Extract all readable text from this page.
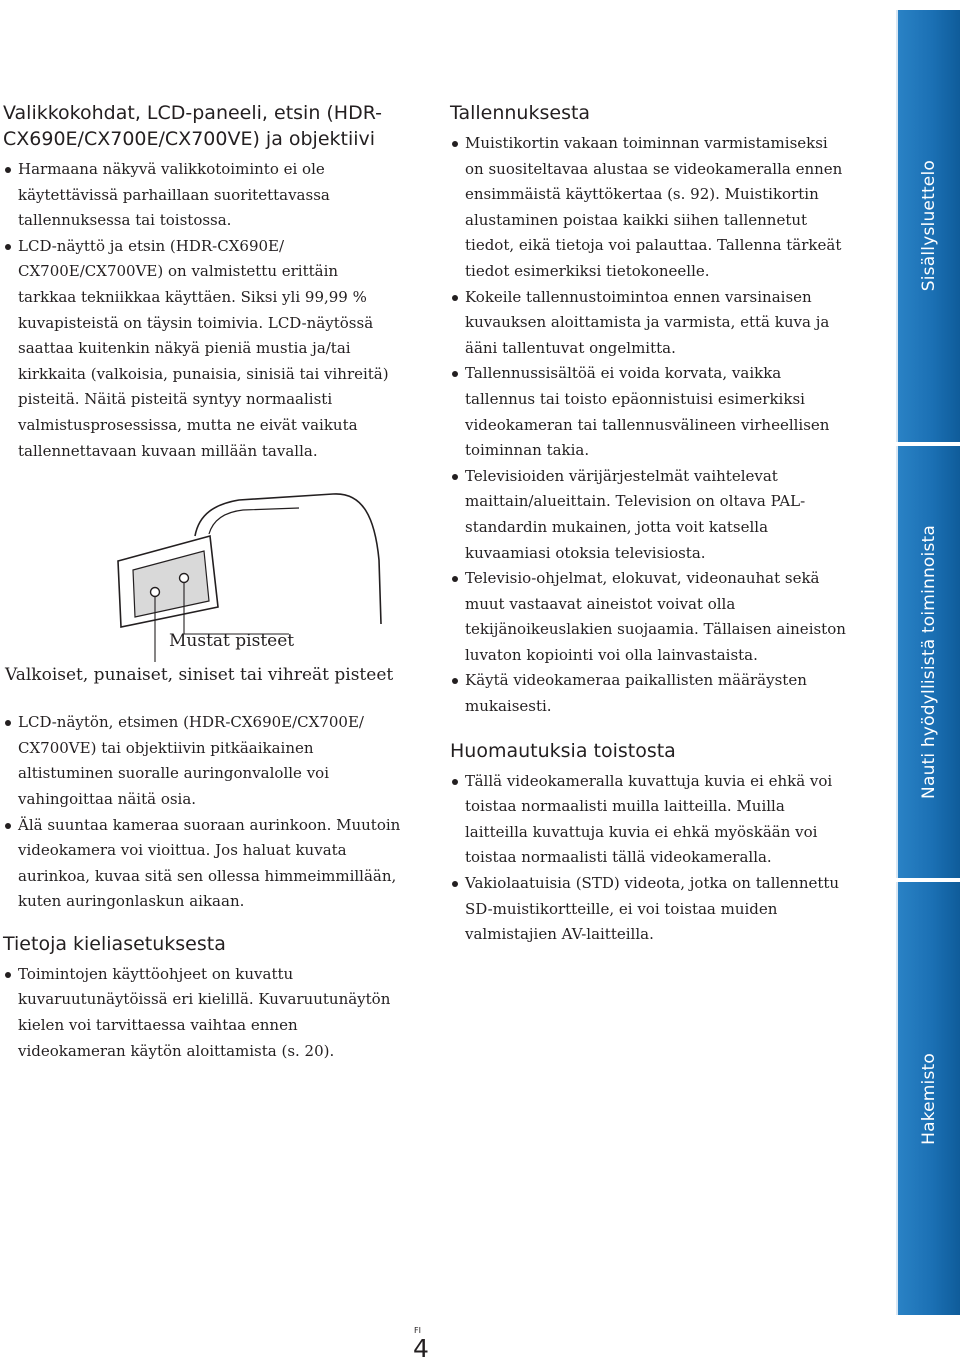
Valikkokohdat, LCD-paneeli, etsin (HDR-
CX690E/CX700E/CX700VE) ja objektiivi
Harmaana näkyvä valikkotoiminto ei ole käytettävissä parhaillaan suoritettavassa tallennuksessa tai toistossa.
LCD-näyttö ja etsin (HDR-CX690E/ CX700E/CX700VE) on valmistettu erittäin tarkkaa tekniikkaa käyttäen. Siksi yli 99,99 % kuvapisteistä on täysin toimivia. LCD-näytössä saattaa kuitenkin näkyä pieniä mustia ja/tai kirkkaita (valkoisia, punaisia, sinisiä tai vihreitä) pisteitä. Näitä pisteitä syntyy normaalisti valmistusprosessissa, mutta ne eivät vaikuta tallennettavaan kuvaan millään tavalla.
Mustat pisteet
Valkoiset, punaiset, siniset tai vihreät pisteet
LCD-näytön, etsimen (HDR-CX690E/CX700E/ CX700VE) tai objektiivin pitkäaikainen altistuminen suoralle auringonvalolle voi vahingoittaa näitä osia.
Älä suuntaa kameraa suoraan aurinkoon. Muutoin videokamera voi vioittua. Jos haluat kuvata aurinkoa, kuvaa sitä sen ollessa himmeimmillään, kuten auringonlaskun aikaan.
Tietoja kieliasetuksesta
Toimintojen käyttöohjeet on kuvattu kuvaruutunäytöissä eri kielillä. Kuvaruutunäytön kielen voi tarvittaessa vaihtaa ennen videokameran käytön aloittamista (s. 20).
Tallennuksesta
Muistikortin vakaan toiminnan varmistamiseksi on suositeltavaa alustaa se videokameralla ennen ensimmäistä käyttökertaa (s. 92). Muistikortin alustaminen poistaa kaikki siihen tallennetut tiedot, eikä tietoja voi palauttaa. Tallenna tärkeät tiedot esimerkiksi tietokoneelle.
Kokeile tallennustoimintoa ennen varsinaisen kuvauksen aloittamista ja varmista, että kuva ja ääni tallentuvat ongelmitta.
Tallennussisältöä ei voida korvata, vaikka tallennus tai toisto epäonnistuisi esimerkiksi videokameran tai tallennusvälineen virheellisen toiminnan takia.
Televisioiden värijärjestelmät vaihtelevat maittain/alueittain. Television on oltava PAL-standardin mukainen, jotta voit katsella kuvaamiasi otoksia televisiosta.
Televisio-ohjelmat, elokuvat, videonauhat sekä muut vastaavat aineistot voivat olla tekijänoikeuslakien suojaamia. Tällaisen aineiston luvaton kopiointi voi olla lainvastaista.
Käytä videokameraa paikallisten määräysten mukaisesti.
Huomautuksia toistosta
Tällä videokameralla kuvattuja kuvia ei ehkä voi toistaa normaalisti muilla laitteilla. Muilla laitteilla kuvattuja kuvia ei ehkä myöskään voi toistaa normaalisti tällä videokameralla.
Vakiolaatuisia (STD) videota, jotka on tallennettu SD-muistikortteille, ei voi toistaa muiden valmistajien AV-laitteilla.
Sisällysluettelo
Nauti hyödyllisistä toiminnoista
Hakemisto
FI
4
